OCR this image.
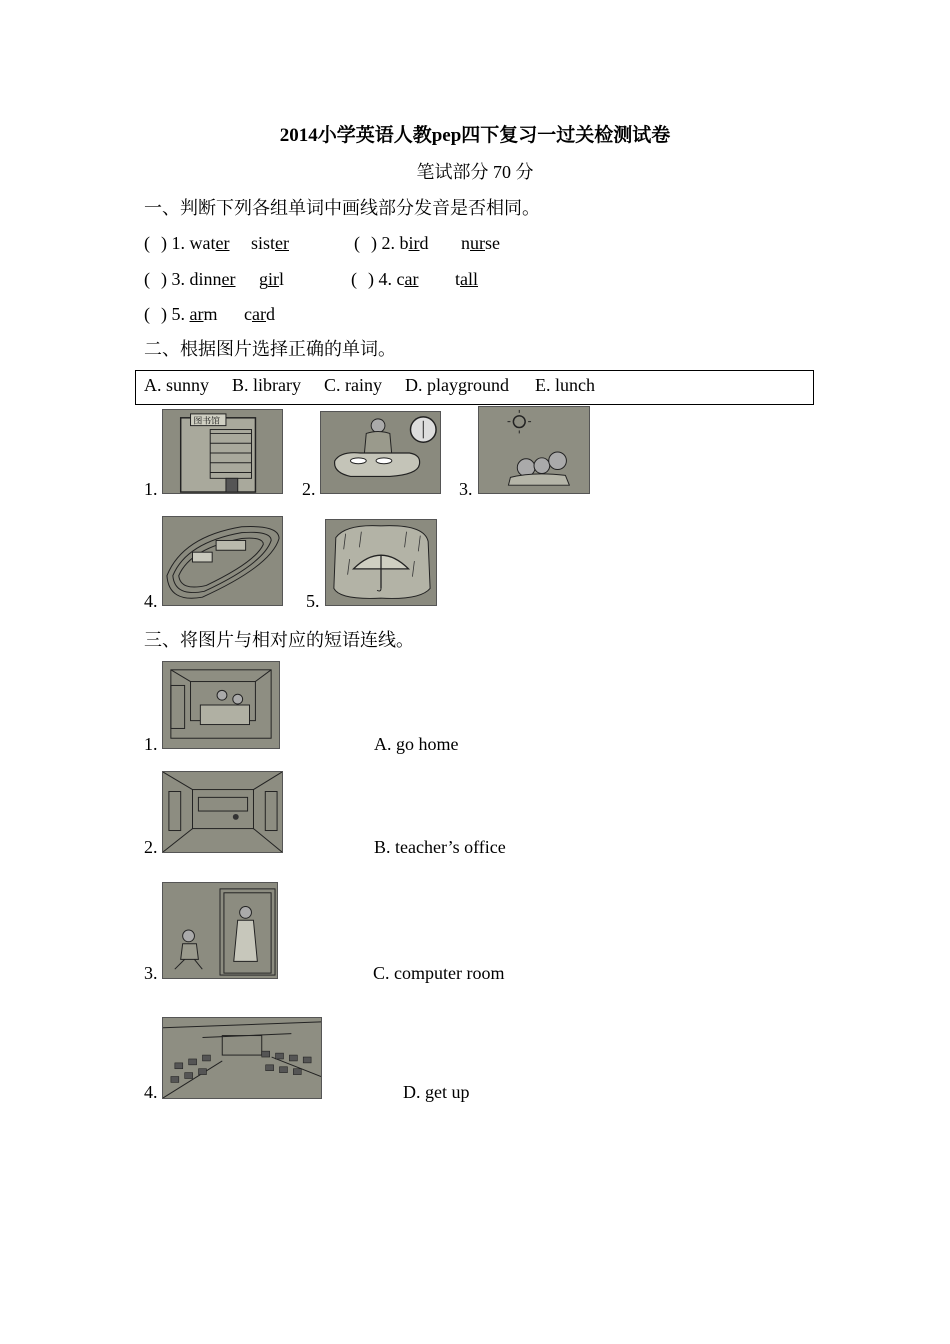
2014小学英语人教pep四下复习一过关检测试卷
笔试部分 70 分
一、判断下列各组单词中画线部分发音是否相同。
( ) 1. water sister	( ) 2. bird nurse
( ) 3. dinner girl	( ) 4. car tall
( ) 5. arm card
二、根据图片选择正确的单词。
A. sunny B. library C. rainy D. playground E. lunch
1.
图书馆
2.	3.
4.	5.
三、将图片与相对应的短语连线。
1.	A. go home
2.	B. teacher’s office
3.	C. computer room
4.	D. get up
